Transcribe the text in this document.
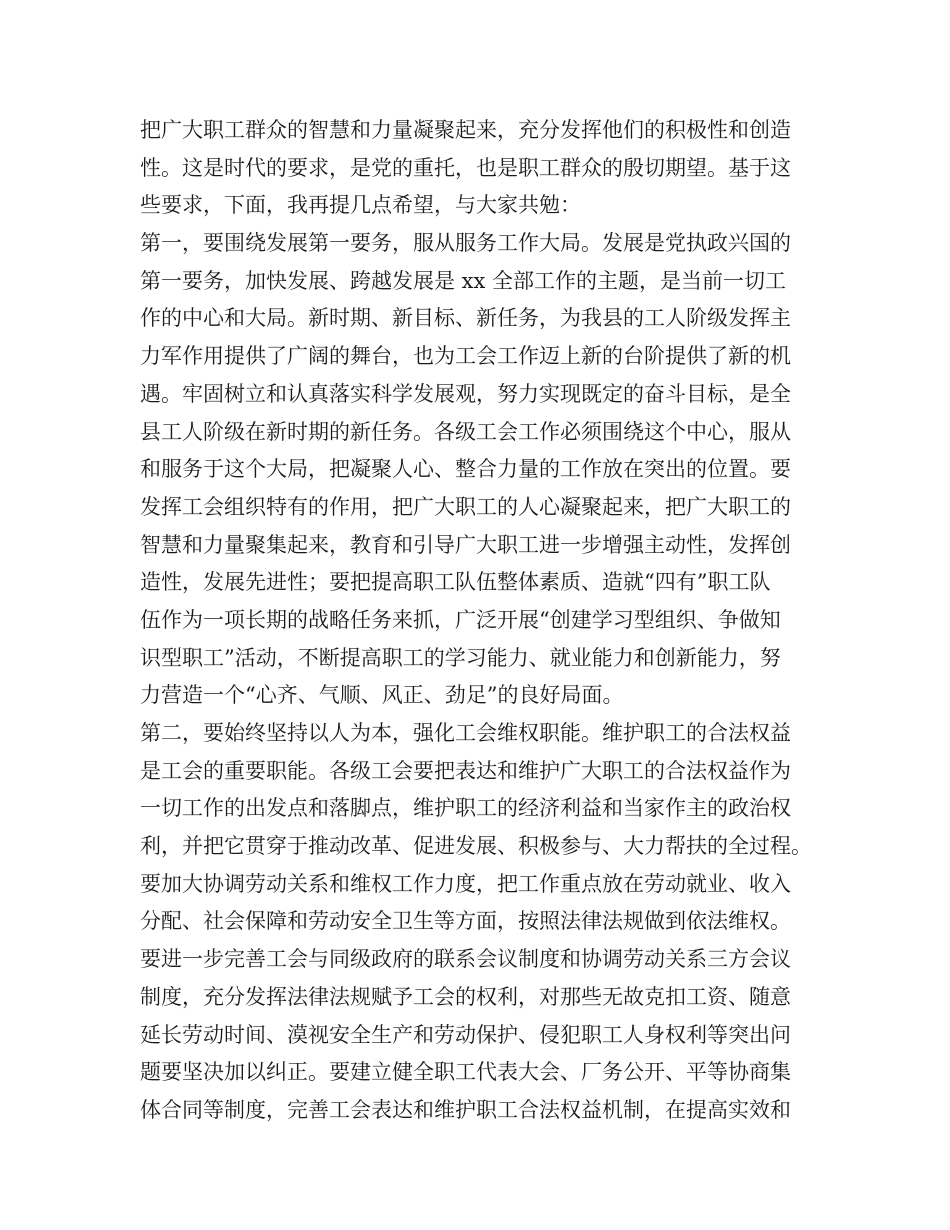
把广大职工群众的智慧和力量凝聚起来，充分发挥他们的积极性和创造
性。这是时代的要求，是党的重托，也是职工群众的殷切期望。基于这
些要求，下面，我再提几点希望，与大家共勉：
第一，要围绕发展第一要务，服从服务工作大局。发展是党执政兴国的
第一要务，加快发展、跨越发展是 xx 全部工作的主题，是当前一切工
作的中心和大局。新时期、新目标、新任务，为我县的工人阶级发挥主
力军作用提供了广阔的舞台，也为工会工作迈上新的台阶提供了新的机
遇。牢固树立和认真落实科学发展观，努力实现既定的奋斗目标，是全
县工人阶级在新时期的新任务。各级工会工作必须围绕这个中心，服从
和服务于这个大局，把凝聚人心、整合力量的工作放在突出的位置。要
发挥工会组织特有的作用，把广大职工的人心凝聚起来，把广大职工的
智慧和力量聚集起来，教育和引导广大职工进一步增强主动性，发挥创
造性，发展先进性；要把提高职工队伍整体素质、造就“四有”职工队
伍作为一项长期的战略任务来抓，广泛开展“创建学习型组织、争做知
识型职工”活动，不断提高职工的学习能力、就业能力和创新能力，努
力营造一个“心齐、气顺、风正、劲足”的良好局面。
第二，要始终坚持以人为本，强化工会维权职能。维护职工的合法权益
是工会的重要职能。各级工会要把表达和维护广大职工的合法权益作为
一切工作的出发点和落脚点，维护职工的经济利益和当家作主的政治权
利，并把它贯穿于推动改革、促进发展、积极参与、大力帮扶的全过程。
要加大协调劳动关系和维权工作力度，把工作重点放在劳动就业、收入
分配、社会保障和劳动安全卫生等方面，按照法律法规做到依法维权。
要进一步完善工会与同级政府的联系会议制度和协调劳动关系三方会议
制度，充分发挥法律法规赋予工会的权利，对那些无故克扣工资、随意
延长劳动时间、漠视安全生产和劳动保护、侵犯职工人身权利等突出问
题要坚决加以纠正。要建立健全职工代表大会、厂务公开、平等协商集
体合同等制度，完善工会表达和维护职工合法权益机制，在提高实效和
